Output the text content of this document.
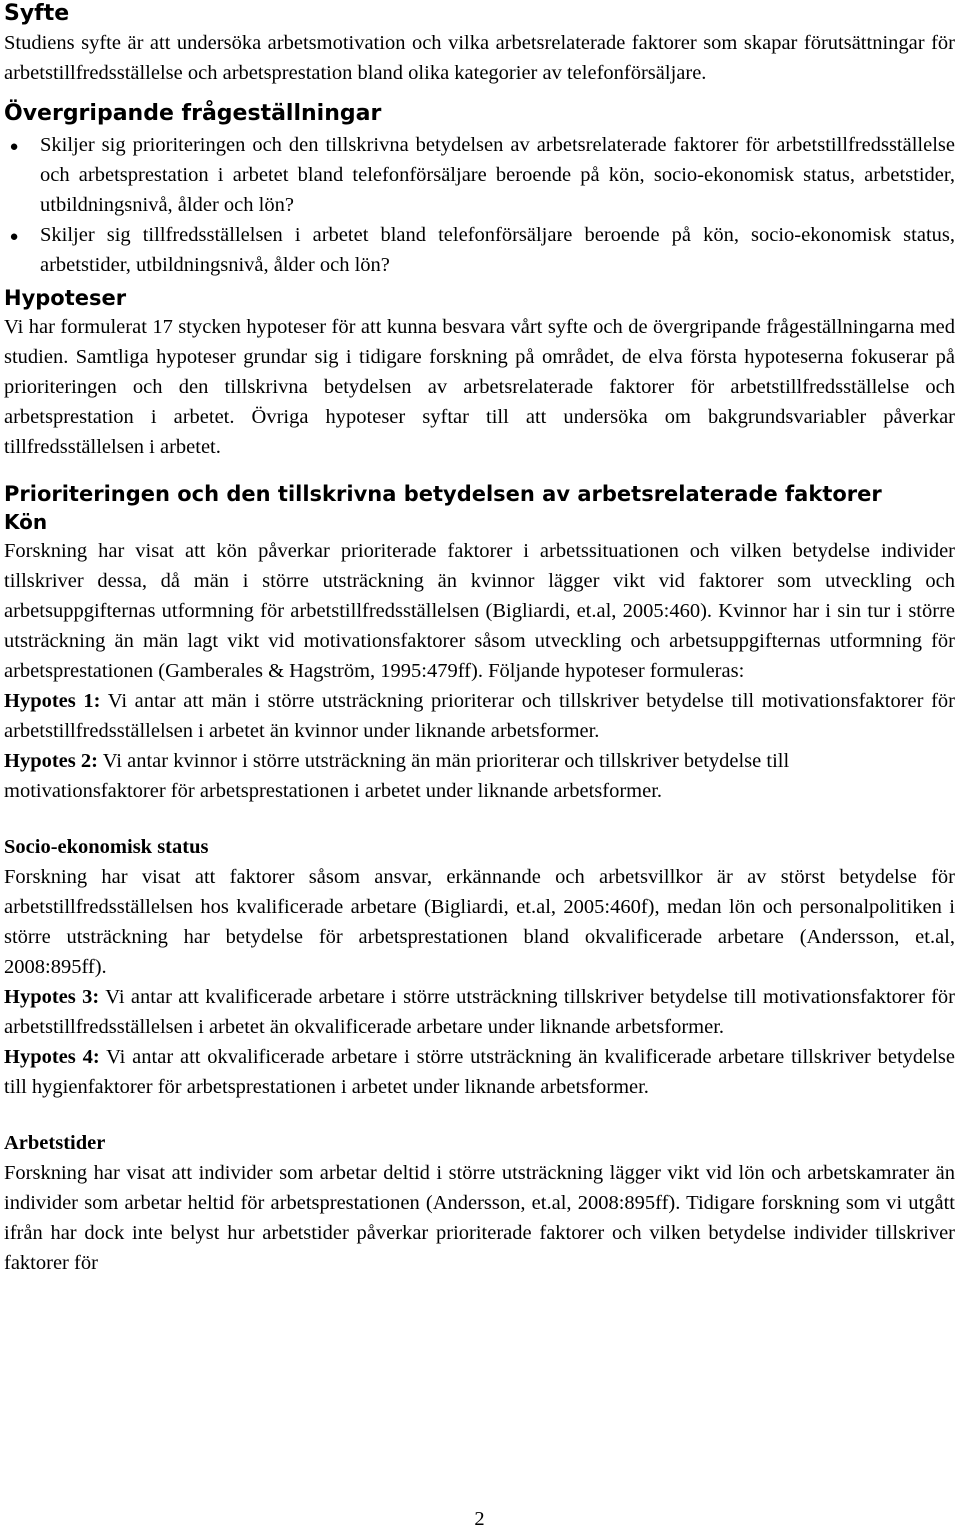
Syfte

Studiens syfte är att undersöka arbetsmotivation och vilka arbetsrelaterade faktorer som skapar förutsättningar för arbetstillfredsställelse och arbetsprestation bland olika kategorier av telefonförsäljare.

Övergripande frågeställningar
● Skiljer sig prioriteringen och den tillskrivna betydelsen av arbetsrelaterade faktorer för arbetstillfredsställelse och arbetsprestation i arbetet bland telefonförsäljare beroende på kön, socio-ekonomisk status, arbetstider, utbildningsnivå, ålder och lön?
● Skiljer sig tillfredsställelsen i arbetet bland telefonförsäljare beroende på kön, socio-ekonomisk status, arbetstider, utbildningsnivå, ålder och lön?
Hypoteser

Vi har formulerat 17 stycken hypoteser för att kunna besvara vårt syfte och de övergripande frågeställningarna med studien. Samtliga hypoteser grundar sig i tidigare forskning på området, de elva första hypoteserna fokuserar på prioriteringen och den tillskrivna betydelsen av arbetsrelaterade faktorer för arbetstillfredsställelse och arbetsprestation i arbetet. Övriga hypoteser syftar till att undersöka om bakgrundsvariabler påverkar tillfredsställelsen i arbetet.

Prioriteringen och den tillskrivna betydelsen av arbetsrelaterade faktorer
Kön

Forskning har visat att kön påverkar prioriterade faktorer i arbetssituationen och vilken betydelse individer tillskriver dessa, då män i större utsträckning än kvinnor lägger vikt vid faktorer som utveckling och arbetsuppgifternas utformning för arbetstillfredsställelsen (Bigliardi, et.al, 2005:460). Kvinnor har i sin tur i större utsträckning än män lagt vikt vid motivationsfaktorer såsom utveckling och arbetsuppgifternas utformning för arbetsprestationen (Gamberales & Hagström, 1995:479ff). Följande hypoteser formuleras:

Hypotes 1: Vi antar att män i större utsträckning prioriterar och tillskriver betydelse till motivationsfaktorer för arbetstillfredsställelsen i arbetet än kvinnor under liknande arbetsformer.

Hypotes 2: Vi antar kvinnor i större utsträckning än män prioriterar och tillskriver betydelse till motivationsfaktorer för arbetsprestationen i arbetet under liknande arbetsformer.

Socio-ekonomisk status

Forskning har visat att faktorer såsom ansvar, erkännande och arbetsvillkor är av störst betydelse för arbetstillfredsställelsen hos kvalificerade arbetare (Bigliardi, et.al, 2005:460f), medan lön och personalpolitiken i större utsträckning har betydelse för arbetsprestationen bland okvalificerade arbetare (Andersson, et.al, 2008:895ff).

Hypotes 3: Vi antar att kvalificerade arbetare i större utsträckning tillskriver betydelse till motivationsfaktorer för arbetstillfredsställelsen i arbetet än okvalificerade arbetare under liknande arbetsformer.

Hypotes 4: Vi antar att okvalificerade arbetare i större utsträckning än kvalificerade arbetare tillskriver betydelse till hygienfaktorer för arbetsprestationen i arbetet under liknande arbetsformer.

Arbetstider

Forskning har visat att individer som arbetar deltid i större utsträckning lägger vikt vid lön och arbetskamrater än individer som arbetar heltid för arbetsprestationen (Andersson, et.al, 2008:895ff). Tidigare forskning som vi utgått ifrån har dock inte belyst hur arbetstider påverkar prioriterade faktorer och vilken betydelse individer tillskriver faktorer för

2
